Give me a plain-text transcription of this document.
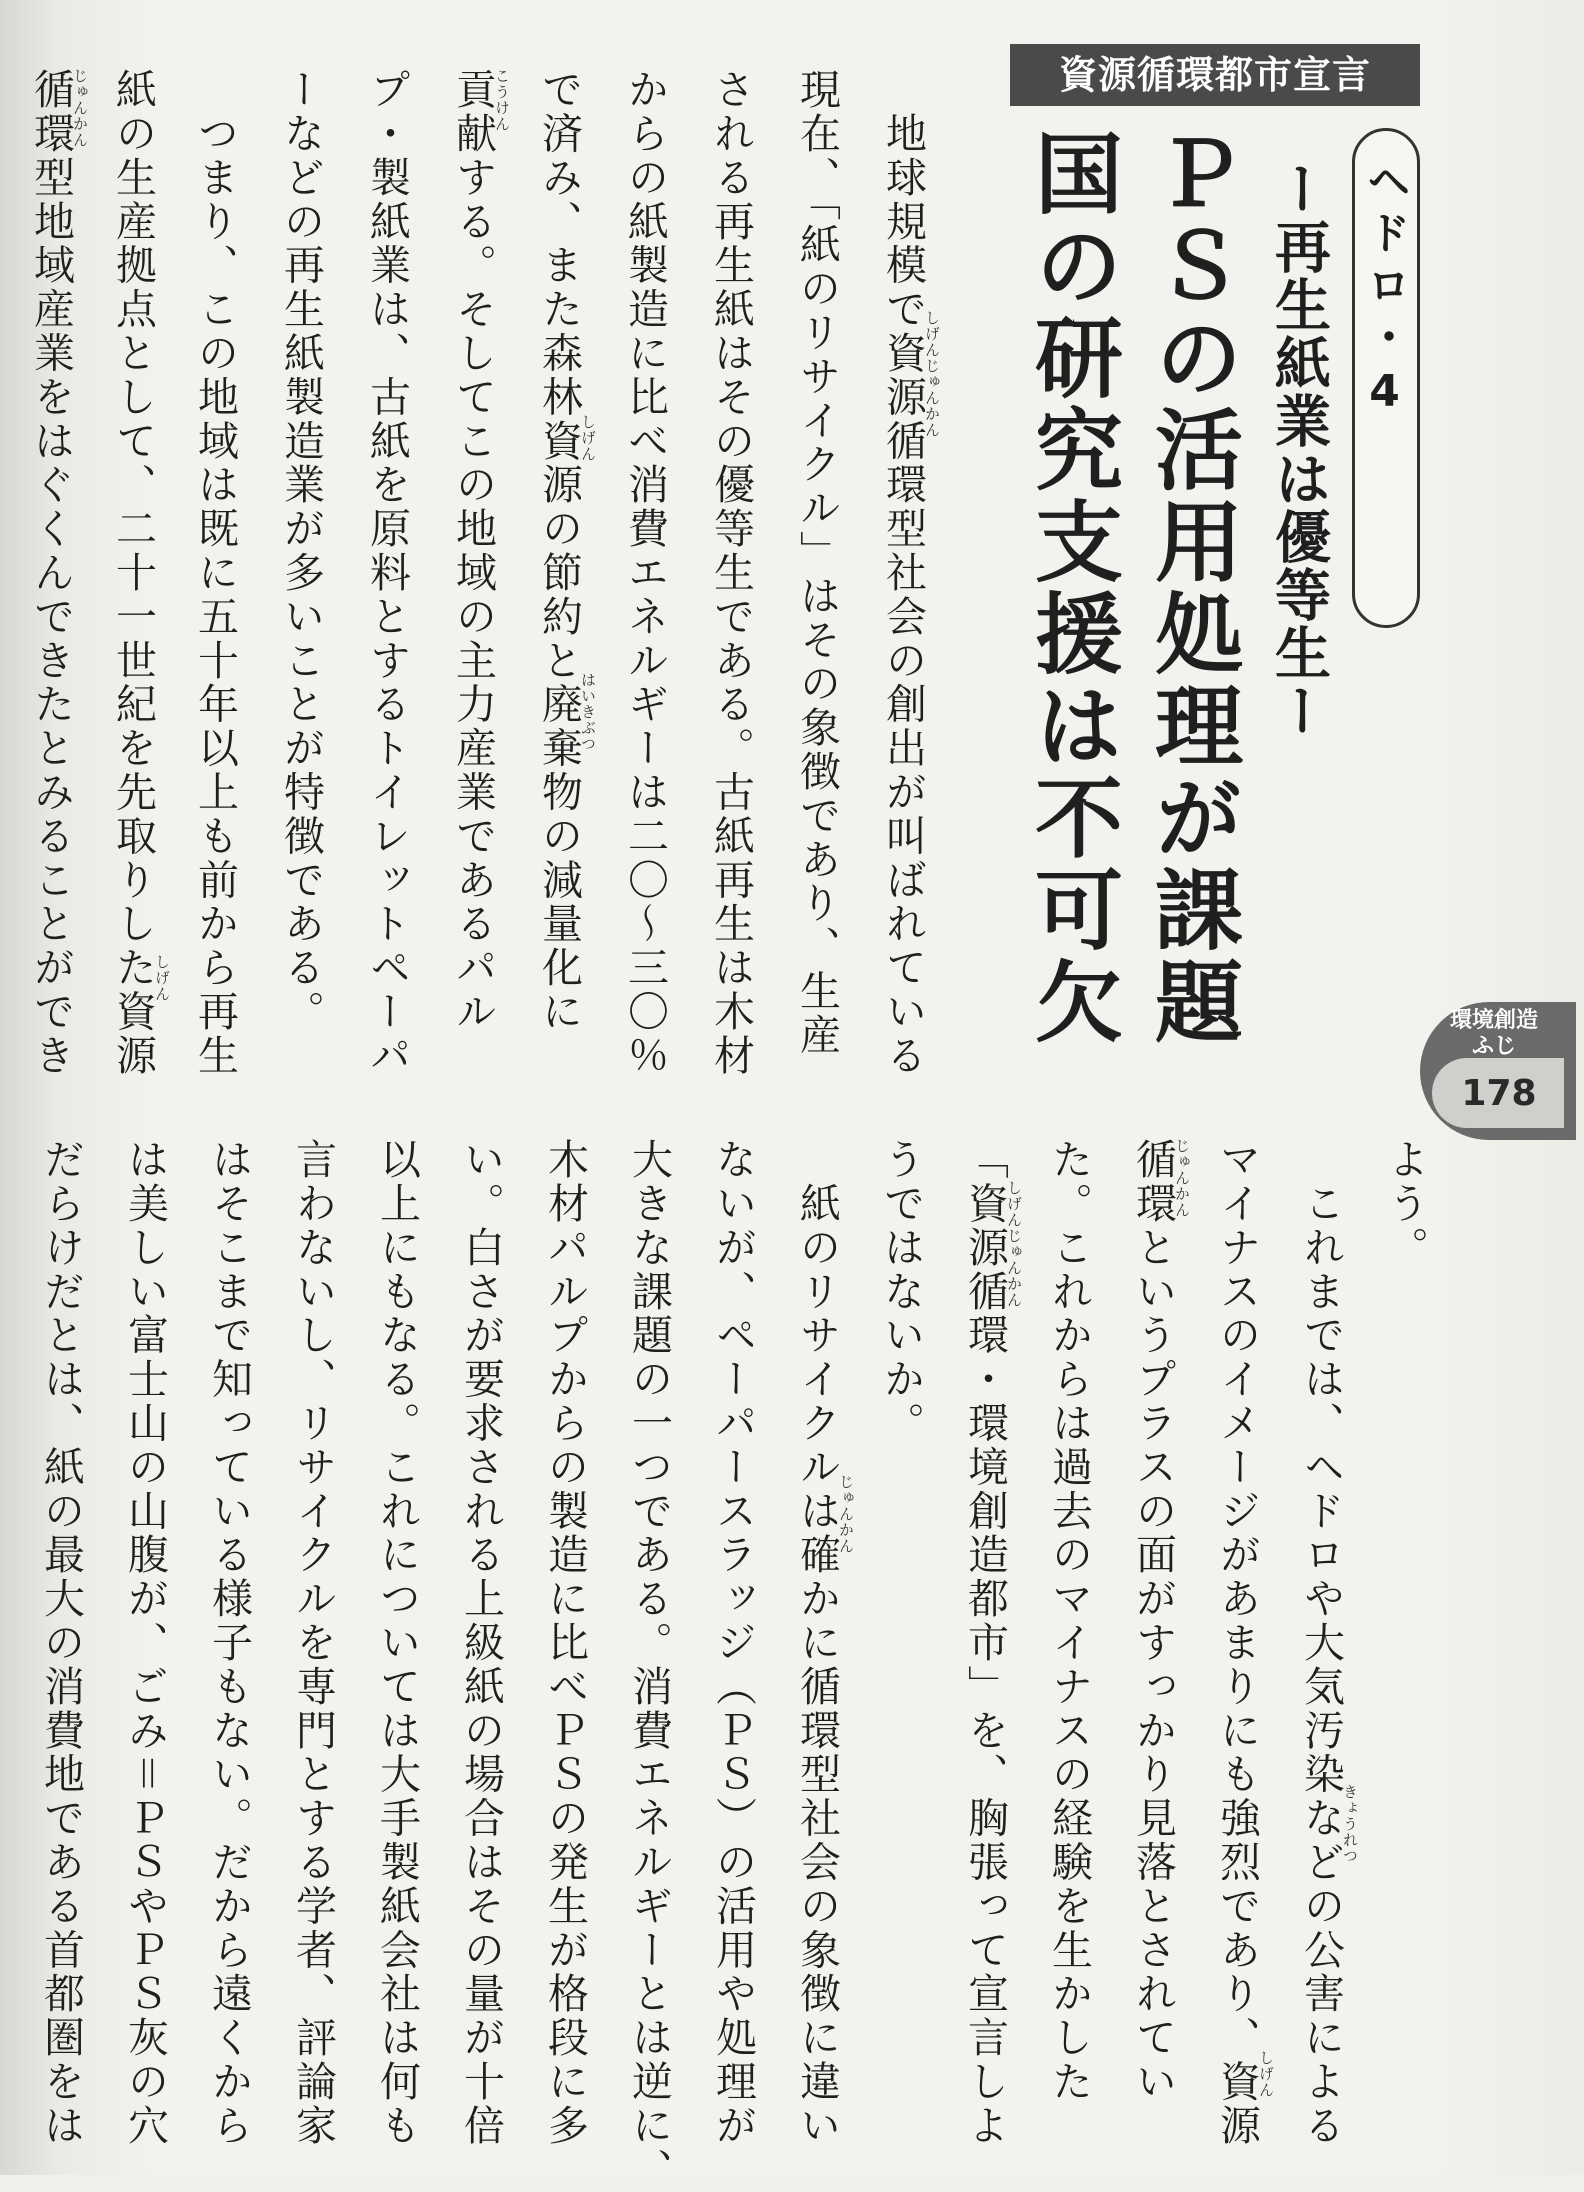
資源循環都市宣言
ヘドロ・4
ー再生紙業は優等生ー
ＰＳの活用処理が課題
国の研究支援は不可欠	環境創造
ふじ
178
　地球規模で資源循環型社会の創出が叫ばれている
現在、「紙のリサイクル」はその象徴であり、生産
される再生紙はその優等生である。古紙再生は木材
からの紙製造に比べ消費エネルギーは二〇～三〇％
で済み、また森林資源の節約と廃棄物の減量化に
貢献する。そしてこの地域の主力産業であるパル
プ・製紙業は、古紙を原料とするトイレットペーパ
ーなどの再生紙製造業が多いことが特徴である。
　つまり、この地域は既に五十年以上も前から再生
紙の生産拠点として、二十一世紀を先取りした資源
循環型地域産業をはぐくんできたとみることができ
よう。
　これまでは、ヘドロや大気汚染などの公害による
マイナスのイメージがあまりにも強烈であり、資源
循環というプラスの面がすっかり見落とされてい
た。これからは過去のマイナスの経験を生かした
「資源循環・環境創造都市」を、胸張って宣言しよ
うではないか。
　紙のリサイクルは確かに循環型社会の象徴に違い
ないが、ペーパースラッジ（ＰＳ）の活用や処理が
大きな課題の一つである。消費エネルギーとは逆に、
木材パルプからの製造に比べＰＳの発生が格段に多
い。白さが要求される上級紙の場合はその量が十倍
以上にもなる。これについては大手製紙会社は何も
言わないし、リサイクルを専門とする学者、評論家
はそこまで知っている様子もない。だから遠くから
は美しい富士山の山腹が、ごみ＝ＰＳやＰＳ灰の穴
だらけだとは、紙の最大の消費地である首都圏をは
しげんじゅんかん
しげん
はいきぶつ
こうけん
しげん
じゅんかん
きょうれつ
しげん
じゅんかん
しげんじゅんかん
じゅんかん
